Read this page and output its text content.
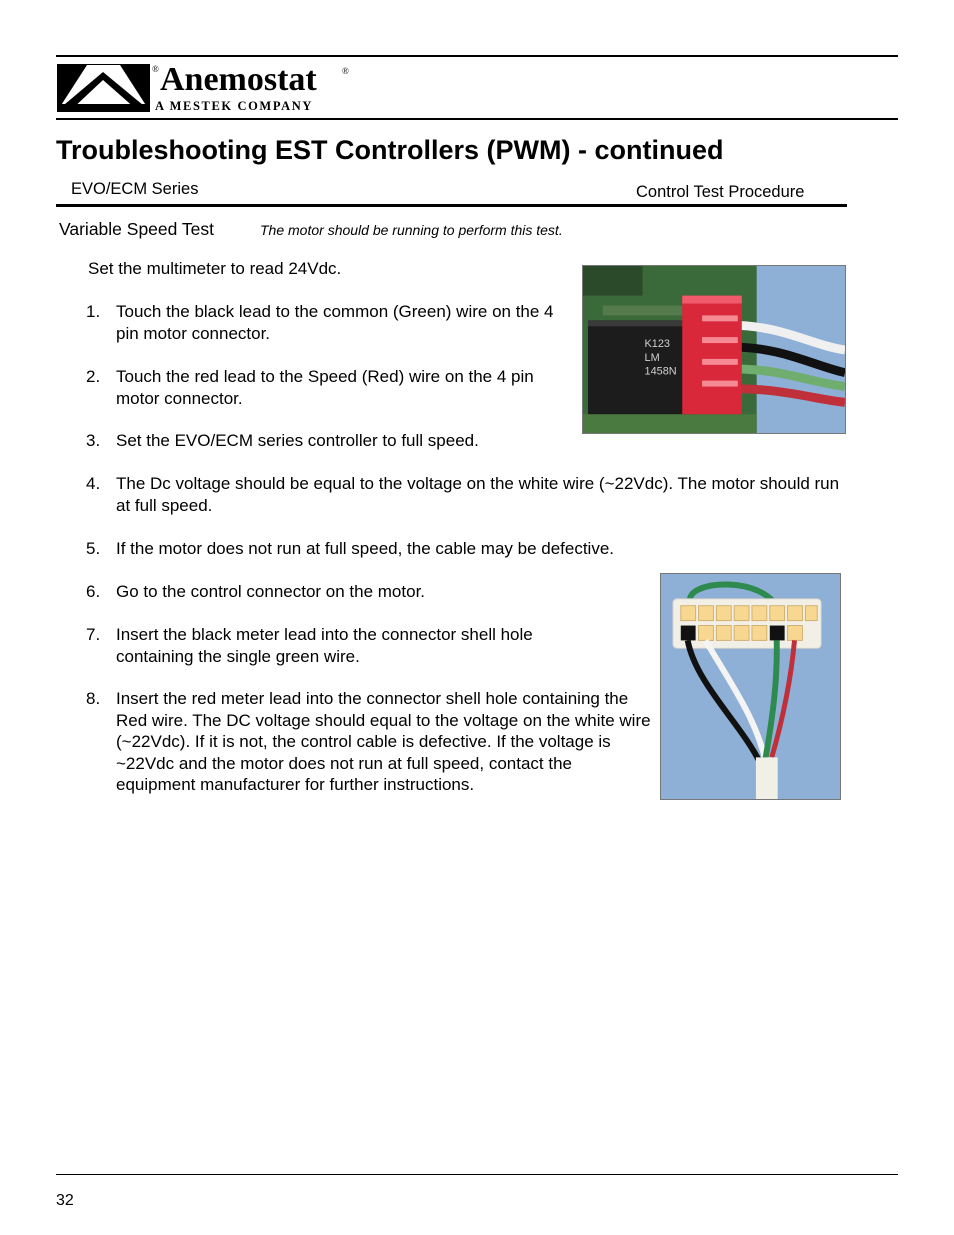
® Anemostat	®
A MESTEK COMPANY
Troubleshooting EST Controllers (PWM) - continued
EVO/ECM Series	Control Test Procedure
Variable Speed Test	The motor should be running to perform this test.
Set the multimeter to read 24Vdc.
1. Touch the black lead to the common (Green) wire on the 4 pin motor connector.
2. Touch the red lead to the Speed (Red) wire on the 4 pin motor connector.
3. Set the EVO/ECM series controller to full speed.
4. The Dc voltage should be equal to the voltage on the white wire (~22Vdc). The motor should run at full speed.
5. If the motor does not run at full speed, the cable may be defective.
6. Go to the control connector on the motor.
7. Insert the black meter lead into the connector shell hole containing the single green wire.
8. Insert the red meter lead into the connector shell hole containing the Red wire. The DC voltage should equal to the voltage on the white wire (~22Vdc). If it is not, the control cable is defective. If the voltage is ~22Vdc and the motor does not run at full speed, contact the equipment manufacturer for further instructions.
K123
LM
1458N
32
